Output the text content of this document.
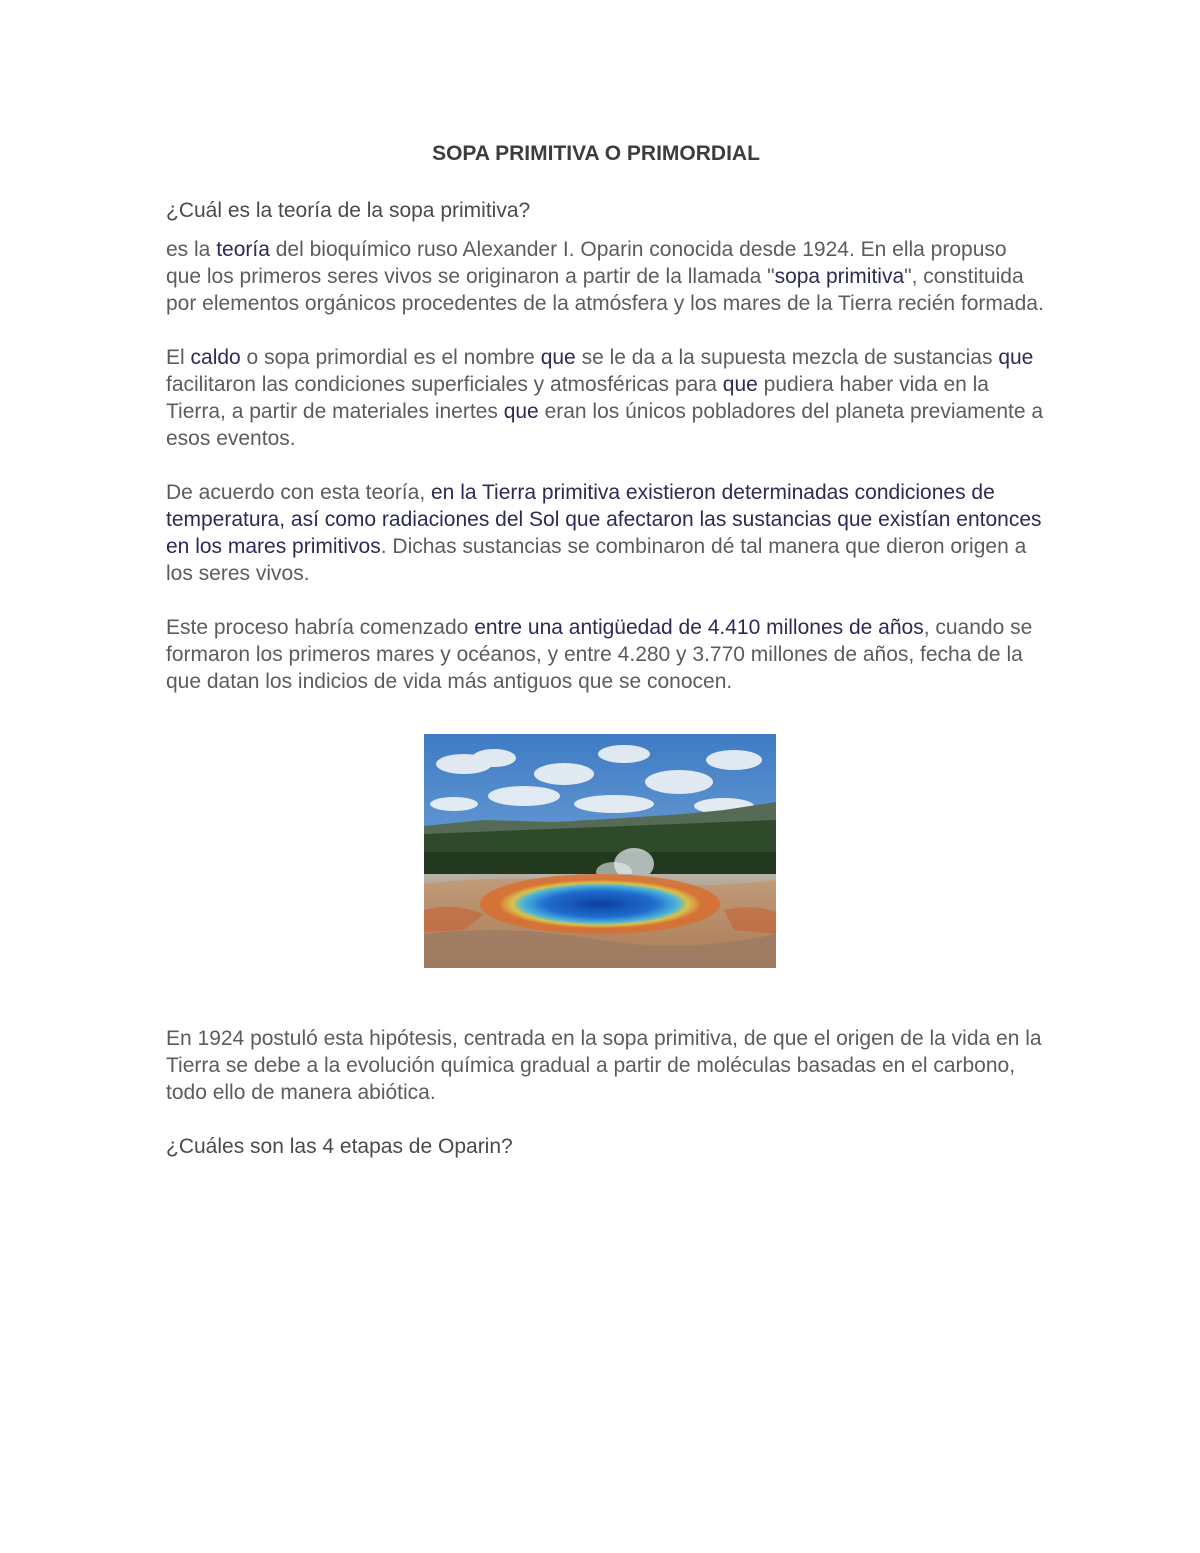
SOPA PRIMITIVA O PRIMORDIAL

¿Cuál es la teoría de la sopa primitiva?

es la teoría del bioquímico ruso Alexander I. Oparin conocida desde 1924. En ella propuso que los primeros seres vivos se originaron a partir de la llamada "sopa primitiva", constituida por elementos orgánicos procedentes de la atmósfera y los mares de la Tierra recién formada.

El caldo o sopa primordial es el nombre que se le da a la supuesta mezcla de sustancias que facilitaron las condiciones superficiales y atmosféricas para que pudiera haber vida en la Tierra, a partir de materiales inertes que eran los únicos pobladores del planeta previamente a esos eventos.

De acuerdo con esta teoría, en la Tierra primitiva existieron determinadas condiciones de temperatura, así como radiaciones del Sol que afectaron las sustancias que existían entonces en los mares primitivos. Dichas sustancias se combinaron dé tal manera que dieron origen a los seres vivos.

Este proceso habría comenzado entre una antigüedad de 4.410 millones de años, cuando se formaron los primeros mares y océanos, y entre 4.280 y 3.770 millones de años, fecha de la que datan los indicios de vida más antiguos que se conocen.

En 1924 postuló esta hipótesis, centrada en la sopa primitiva, de que el origen de la vida en la Tierra se debe a la evolución química gradual a partir de moléculas basadas en el carbono, todo ello de manera abiótica.

¿Cuáles son las 4 etapas de Oparin?
